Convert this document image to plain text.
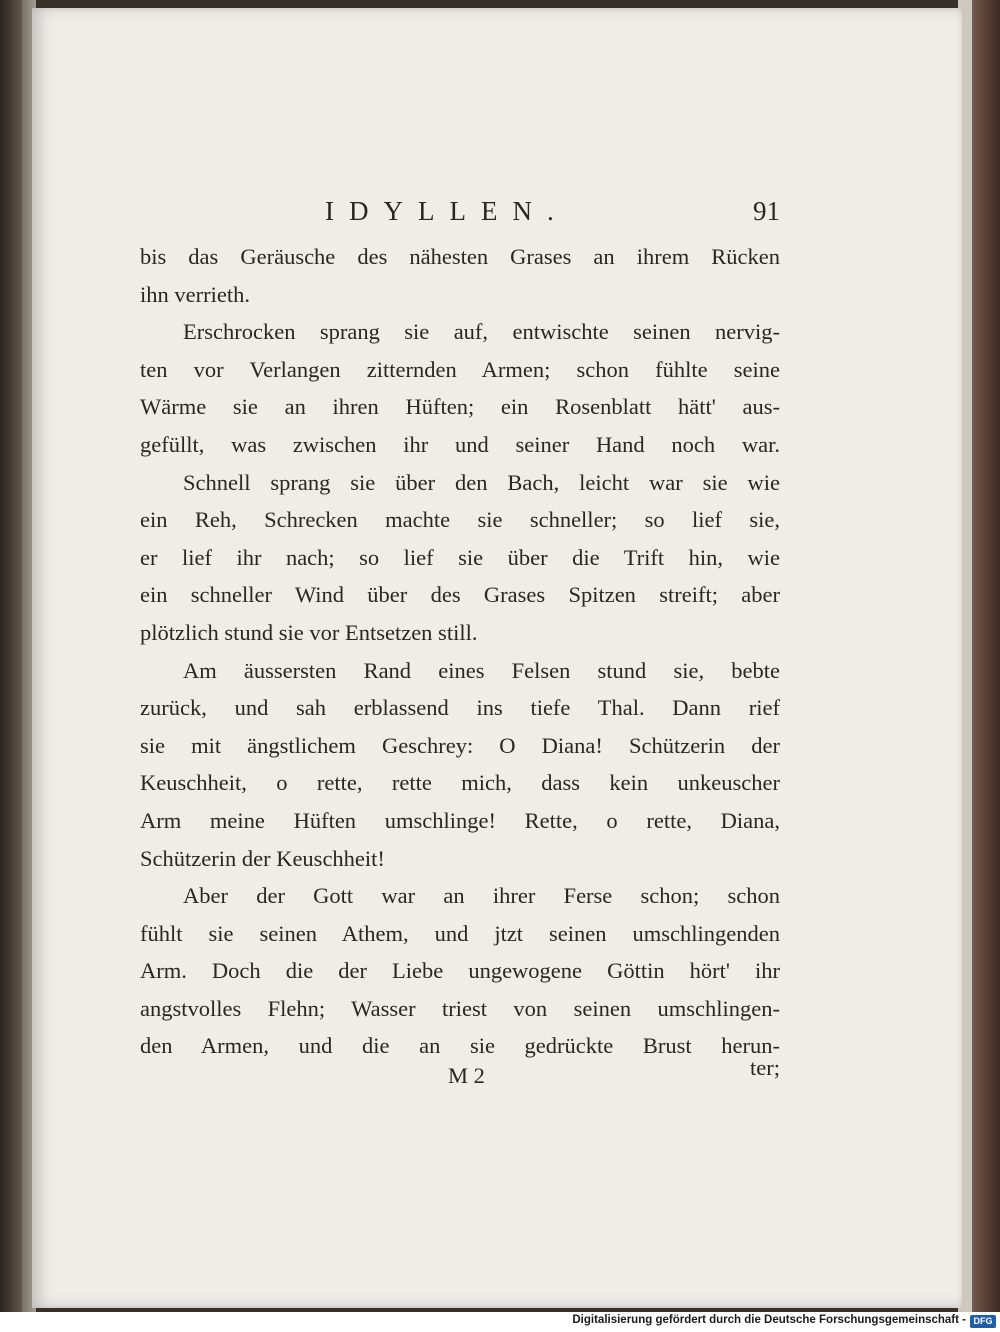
IDYLLEN.	91
bis das Geräusche des nähesten Grases an ihrem Rücken
ihn verrieth.
Erschrocken sprang sie auf, entwischte seinen nervig-
ten vor Verlangen zitternden Armen; schon fühlte seine
Wärme sie an ihren Hüften; ein Rosenblatt hätt' aus-
gefüllt, was zwischen ihr und seiner Hand noch war.
Schnell sprang sie über den Bach, leicht war sie wie
ein Reh, Schrecken machte sie schneller; so lief sie,
er lief ihr nach; so lief sie über die Trift hin, wie
ein schneller Wind über des Grases Spitzen streift; aber
plötzlich stund sie vor Entsetzen still.
Am äussersten Rand eines Felsen stund sie, bebte
zurück, und sah erblassend ins tiefe Thal. Dann rief
sie mit ängstlichem Geschrey: O Diana! Schützerin der
Keuschheit, o rette, rette mich, dass kein unkeuscher
Arm meine Hüften umschlinge! Rette, o rette, Diana,
Schützerin der Keuschheit!
Aber der Gott war an ihrer Ferse schon; schon
fühlt sie seinen Athem, und jtzt seinen umschlingenden
Arm. Doch die der Liebe ungewogene Göttin hört' ihr
angstvolles Flehn; Wasser triest von seinen umschlingen-
den Armen, und die an sie gedrückte Brust herun-
M 2	ter;
Digitalisierung gefördert durch die Deutsche Forschungsgemeinschaft - DFG
